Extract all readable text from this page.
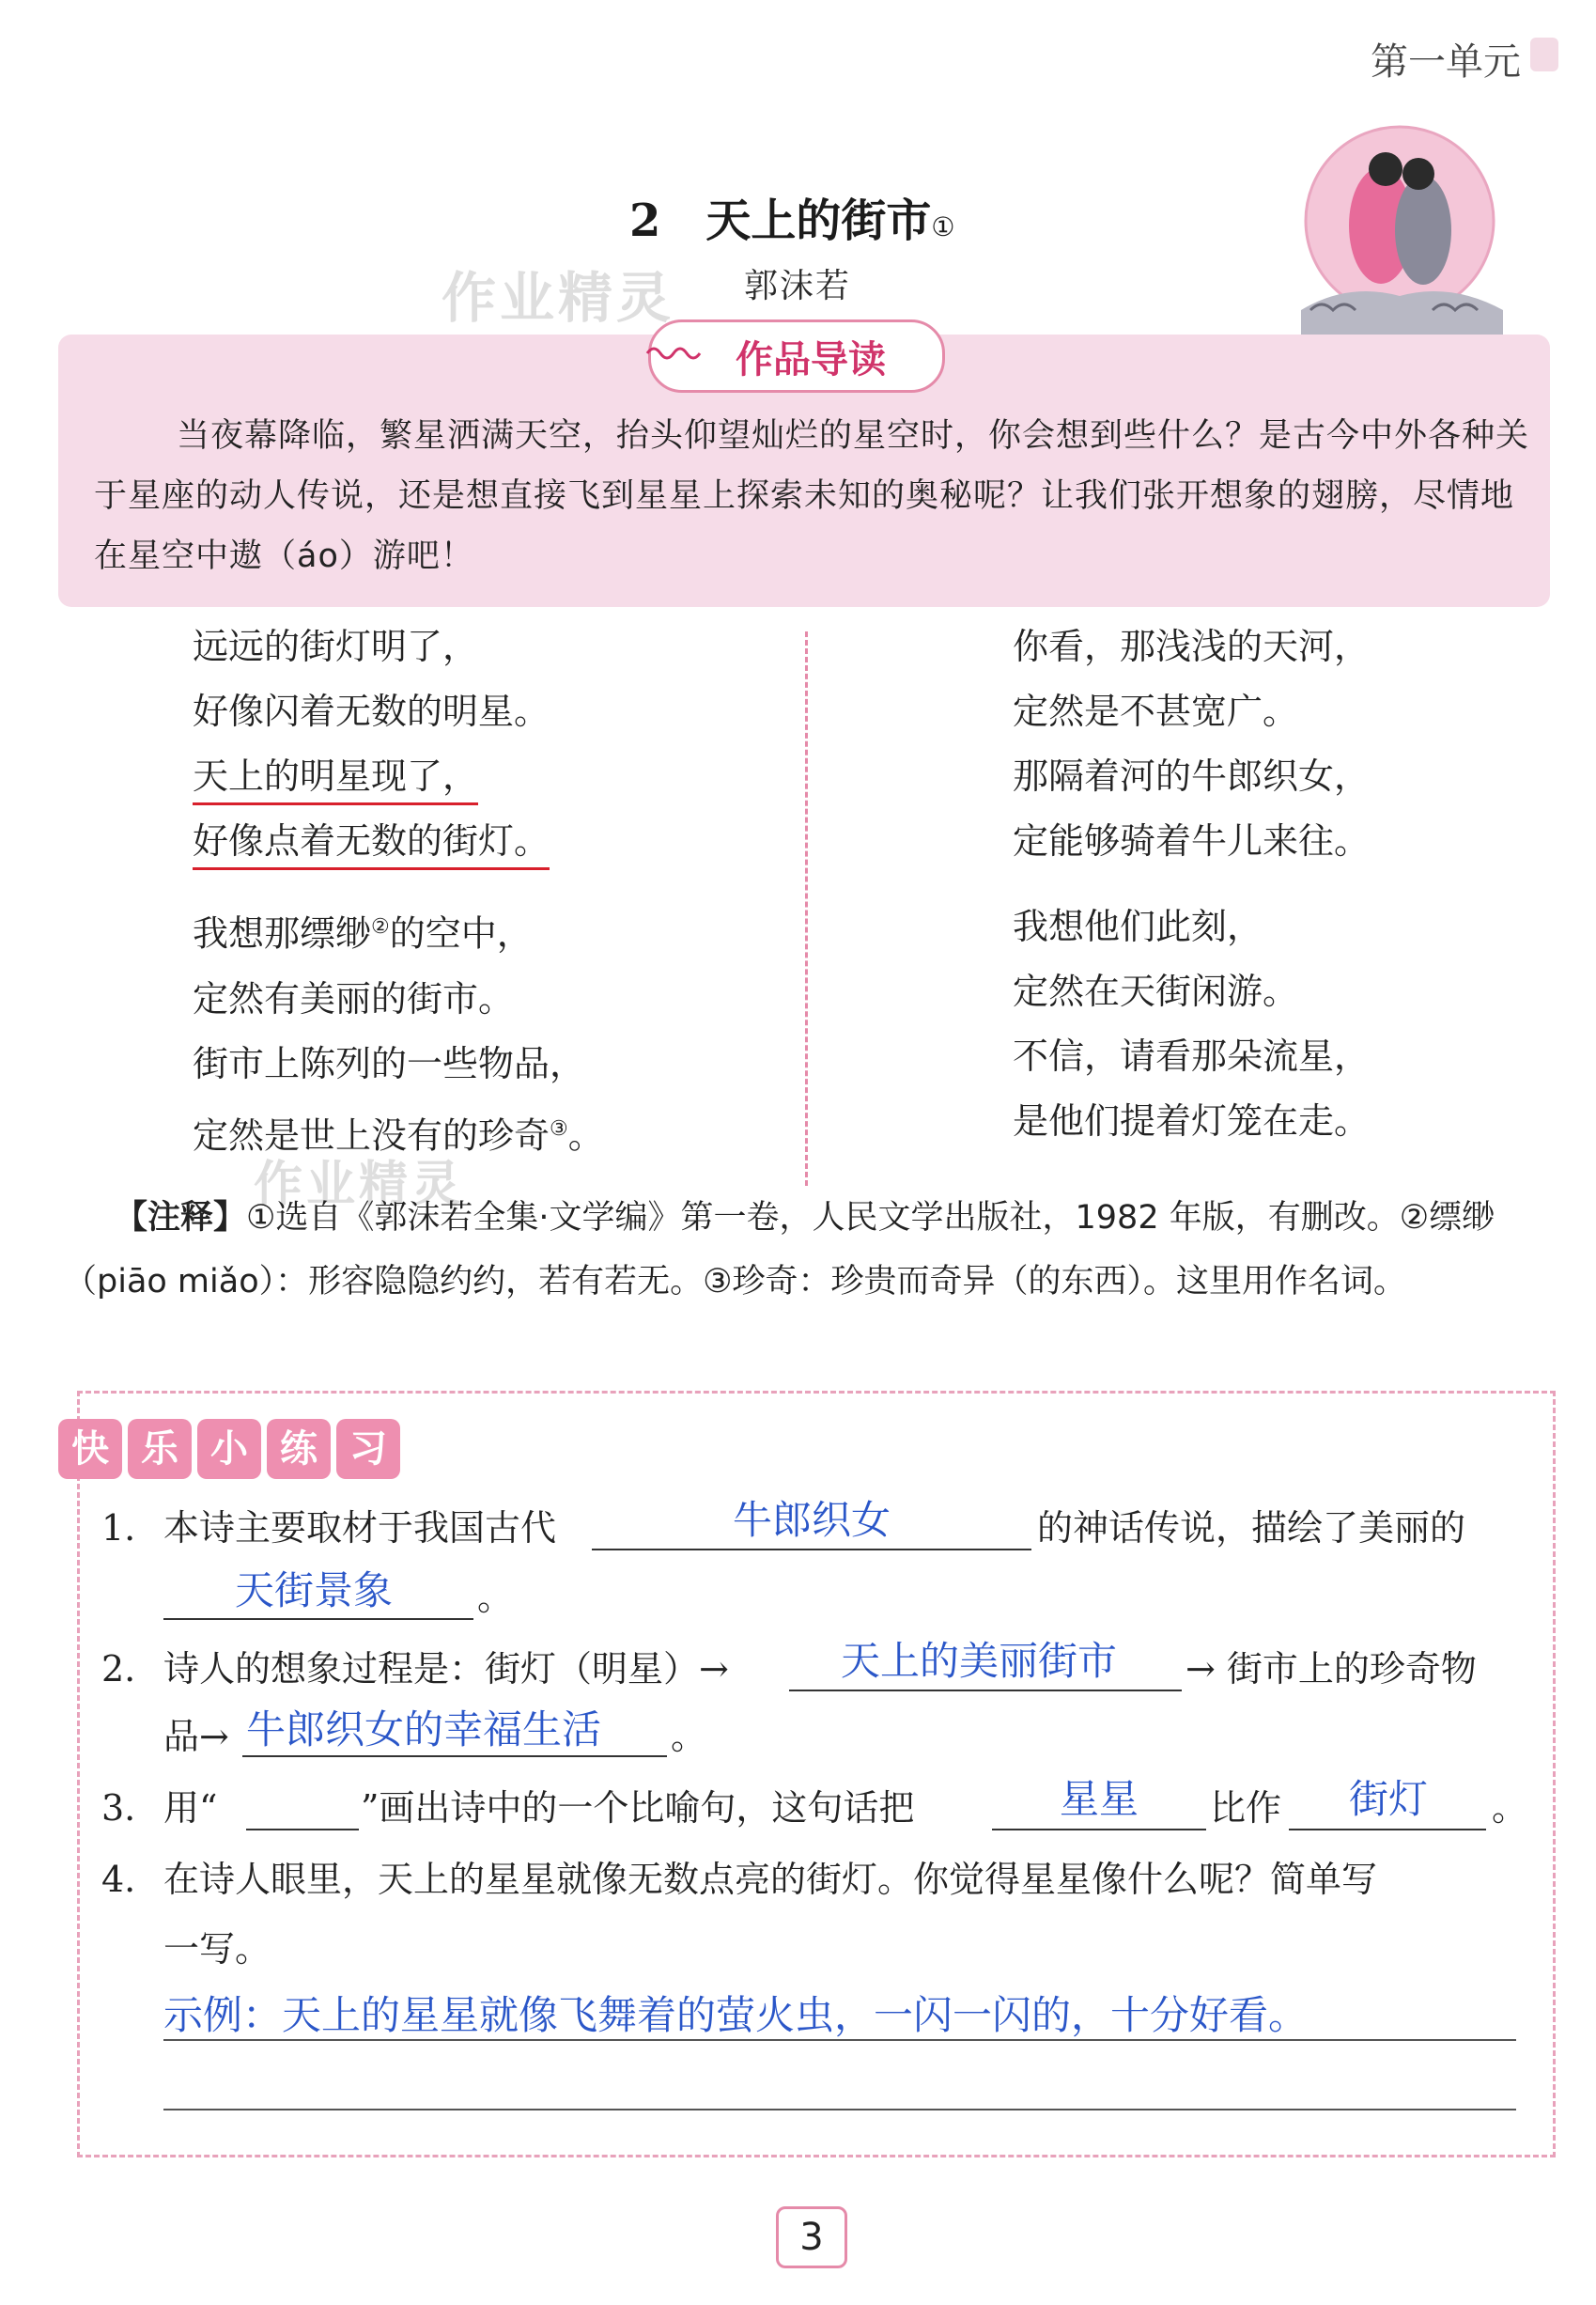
第一单元
2 天上的街市$_①$
郭沫若
作业精灵
作品导读
当夜幕降临，繁星洒满天空，抬头仰望灿烂的星空时，你会想到些什么？是古今中外各种关于星座的动人传说，还是想直接飞到星星上探索未知的奥秘呢？让我们张开想象的翅膀，尽情地在星空中遨（áo）游吧！
远远的街灯明了，
好像闪着无数的明星。
天上的明星现了，
好像点着无数的街灯。
我想那缥缈②的空中，
定然有美丽的街市。
街市上陈列的一些物品，
定然是世上没有的珍奇③。
你看，那浅浅的天河，
定然是不甚宽广。
那隔着河的牛郎织女，
定能够骑着牛儿来往。
我想他们此刻，
定然在天街闲游。
不信，请看那朵流星，
是他们提着灯笼在走。
作业精灵
【注释】①选自《郭沫若全集·文学编》第一卷，人民文学出版社，1982 年版，有删改。②缥缈（piāo miǎo）：形容隐隐约约，若有若无。③珍奇：珍贵而奇异（的东西）。这里用作名词。
快 乐 小 练 习
1. 本诗主要取材于我国古代	牛郎织女	的神话传说，描绘了美丽的
天街景象 。
2. 诗人的想象过程是：街灯（明星）→	天上的美丽街市 → 街市上的珍奇物
品→ 牛郎织女的幸福生活 。
3. 用“	”画出诗中的一个比喻句，这句话把	星星 比作 街灯 。
4. 在诗人眼里，天上的星星就像无数点亮的街灯。你觉得星星像什么呢？简单写
一写。
示例：天上的星星就像飞舞着的萤火虫，一闪一闪的，十分好看。
3
